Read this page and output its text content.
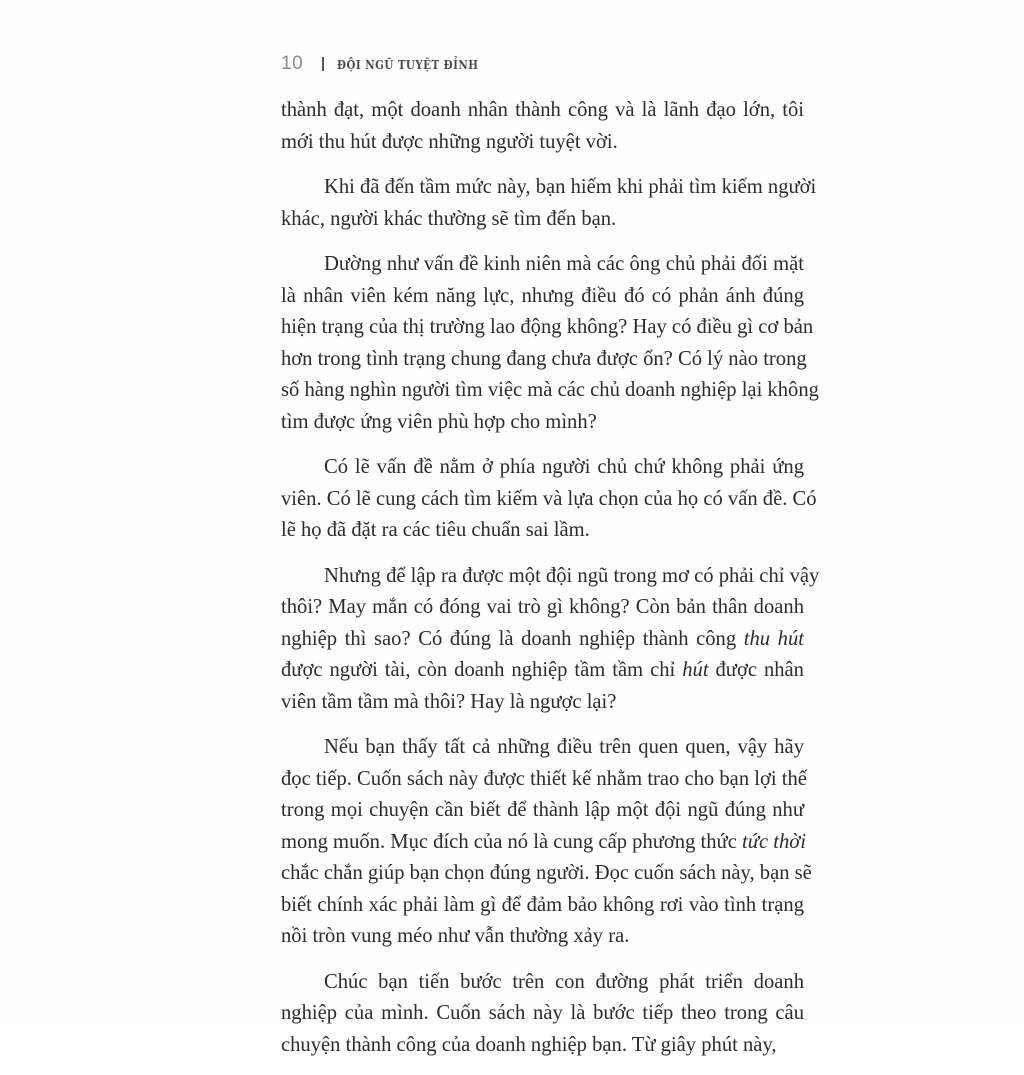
10	ĐỘI NGŨ TUYỆT ĐỈNH
thành đạt, một doanh nhân thành công và là lãnh đạo lớn, tôi
mới thu hút được những người tuyệt vời.
Khi đã đến tầm mức này, bạn hiếm khi phải tìm kiếm người
khác, người khác thường sẽ tìm đến bạn.
Dường như vấn đề kinh niên mà các ông chủ phải đối mặt
là nhân viên kém năng lực, nhưng điều đó có phản ánh đúng
hiện trạng của thị trường lao động không? Hay có điều gì cơ bản
hơn trong tình trạng chung đang chưa được ổn? Có lý nào trong
số hàng nghìn người tìm việc mà các chủ doanh nghiệp lại không
tìm được ứng viên phù hợp cho mình?
Có lẽ vấn đề nằm ở phía người chủ chứ không phải ứng
viên. Có lẽ cung cách tìm kiếm và lựa chọn của họ có vấn đề. Có
lẽ họ đã đặt ra các tiêu chuẩn sai lầm.
Nhưng để lập ra được một đội ngũ trong mơ có phải chỉ vậy
thôi? May mắn có đóng vai trò gì không? Còn bản thân doanh
nghiệp thì sao? Có đúng là doanh nghiệp thành công thu hút
được người tài, còn doanh nghiệp tầm tầm chỉ hút được nhân
viên tầm tầm mà thôi? Hay là ngược lại?
Nếu bạn thấy tất cả những điều trên quen quen, vậy hãy
đọc tiếp. Cuốn sách này được thiết kế nhằm trao cho bạn lợi thế
trong mọi chuyện cần biết để thành lập một đội ngũ đúng như
mong muốn. Mục đích của nó là cung cấp phương thức tức thời
chắc chắn giúp bạn chọn đúng người. Đọc cuốn sách này, bạn sẽ
biết chính xác phải làm gì để đảm bảo không rơi vào tình trạng
nồi tròn vung méo như vẫn thường xảy ra.
Chúc bạn tiến bước trên con đường phát triển doanh
nghiệp của mình. Cuốn sách này là bước tiếp theo trong câu
chuyện thành công của doanh nghiệp bạn. Từ giây phút này,
